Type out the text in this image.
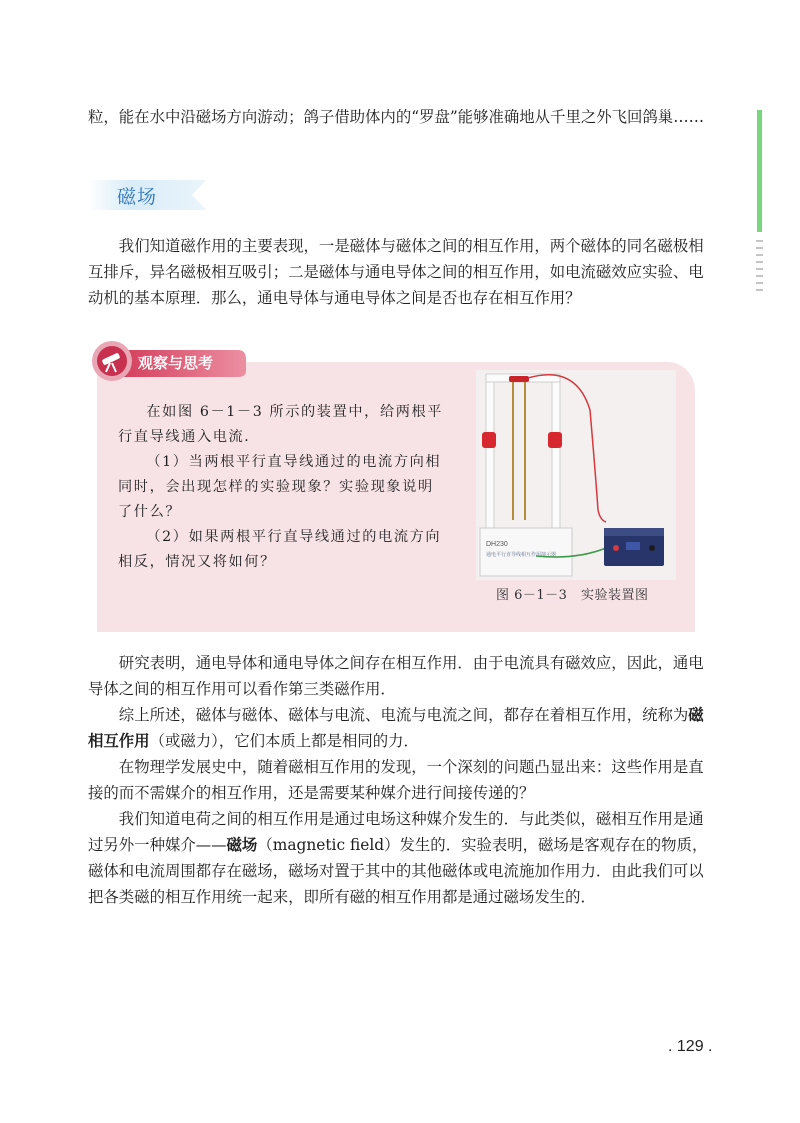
粒，能在水中沿磁场方向游动；鸽子借助体内的“罗盘”能够准确地从千里之外飞回鸽巢……

磁场

我们知道磁作用的主要表现，一是磁体与磁体之间的相互作用，两个磁体的同名磁极相互排斥，异名磁极相互吸引；二是磁体与通电导体之间的相互作用，如电流磁效应实验、电动机的基本原理．那么，通电导体与通电导体之间是否也存在相互作用？

观察与思考

在如图 6－1－3 所示的装置中，给两根平行直导线通入电流．

（1）当两根平行直导线通过的电流方向相同时，会出现怎样的实验现象？实验现象说明了什么？

（2）如果两根平行直导线通过的电流方向相反，情况又将如何？

DH230
通电平行直导线相互作用演示器
图 6－1－3　实验装置图

研究表明，通电导体和通电导体之间存在相互作用．由于电流具有磁效应，因此，通电导体之间的相互作用可以看作第三类磁作用．

综上所述，磁体与磁体、磁体与电流、电流与电流之间，都存在着相互作用，统称为磁相互作用（或磁力），它们本质上都是相同的力．

在物理学发展史中，随着磁相互作用的发现，一个深刻的问题凸显出来：这些作用是直接的而不需媒介的相互作用，还是需要某种媒介进行间接传递的？

我们知道电荷之间的相互作用是通过电场这种媒介发生的．与此类似，磁相互作用是通过另外一种媒介——磁场（magnetic field）发生的．实验表明，磁场是客观存在的物质，磁体和电流周围都存在磁场，磁场对置于其中的其他磁体或电流施加作用力．由此我们可以把各类磁的相互作用统一起来，即所有磁的相互作用都是通过磁场发生的．

. 129 .
